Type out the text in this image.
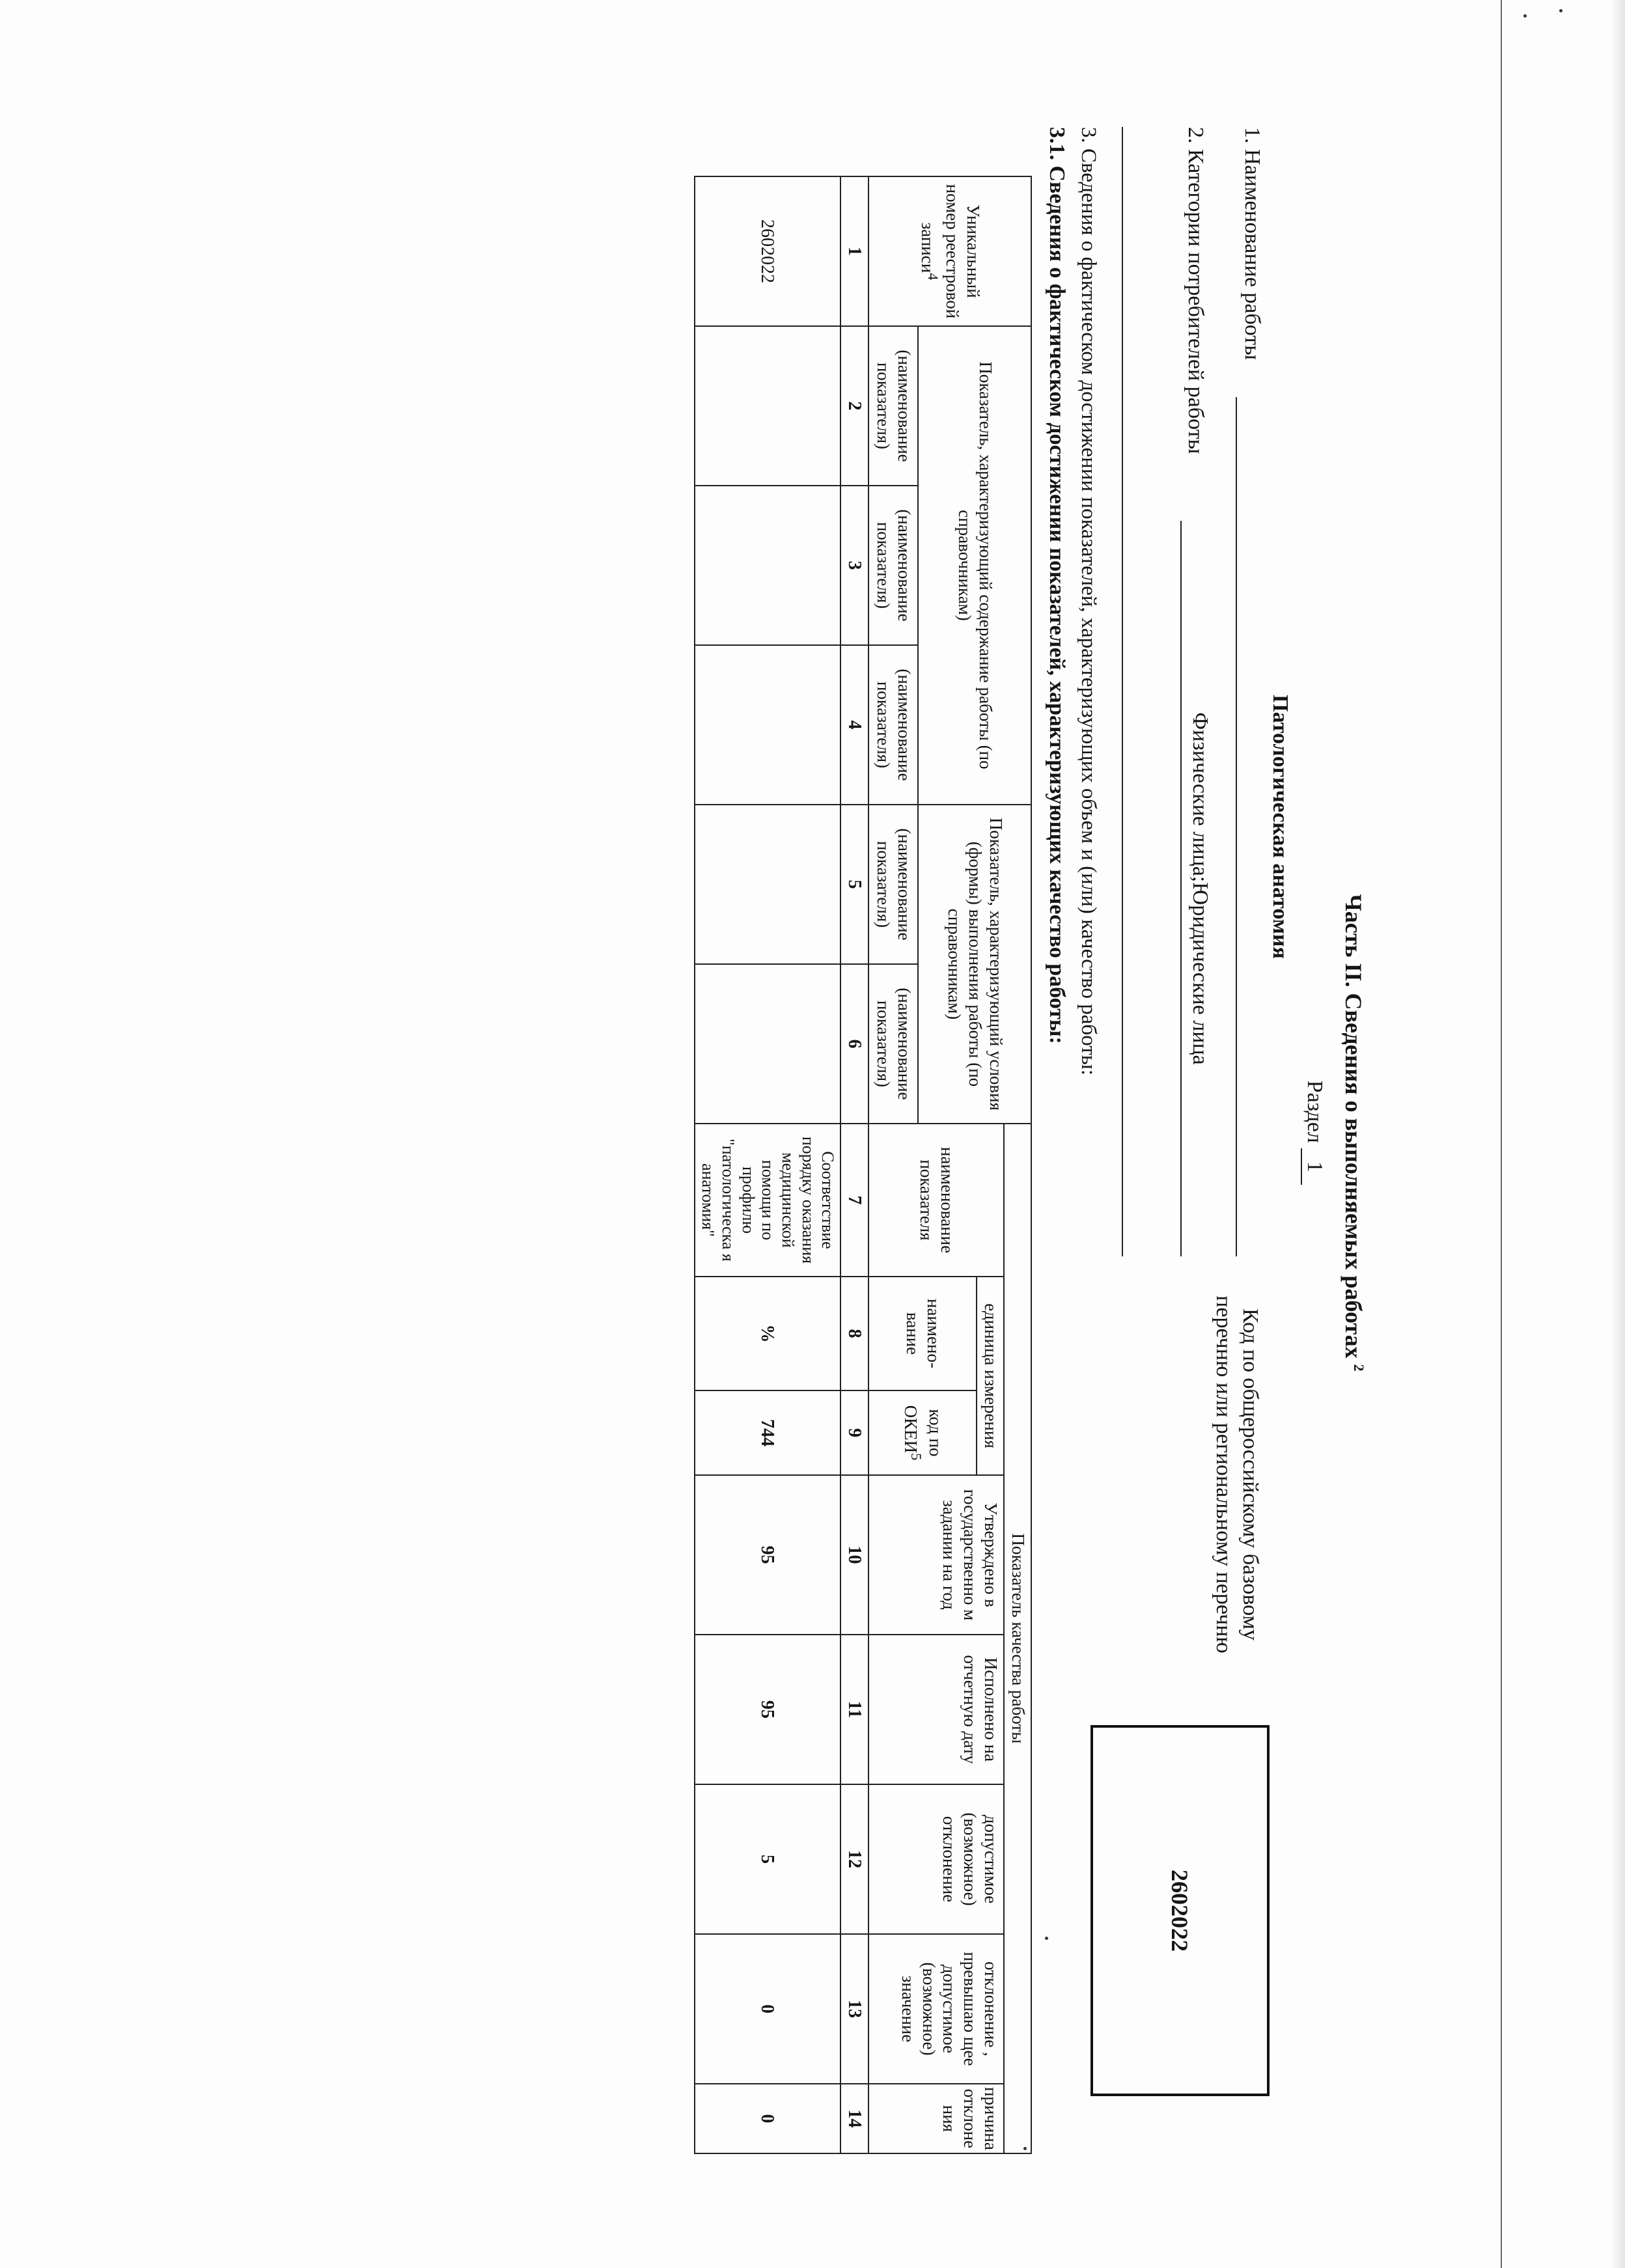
Часть II. Сведения о выполняемых работах $^2$
Раздел 1
1. Наименование работы
Патологическая анатомия
2. Категории потребителей работы
Физические лица;Юридические лица
Код по общероссийскому базовому перечню или региональному перечню
2602022
3. Сведения о фактическом достижении показателей, характеризующих объем и (или) качество работы:
3.1. Сведения о фактическом достижении показателей, характеризующих качество работы:
Уникальный номер реестровой записи$^4$	Показатель, характеризующий содержание работы (по справочникам)			Показатель, характеризующий условия (формы) выполнения работы (по справочникам)		Показатель качества работы							
						наименование показателя	единица измерения		Утверждено в государственно м задании на год	Исполнено на отчетную дату	допустимое (возможное) отклонение	отклонение , превышаю щее допустимое (возможное) значение	причина отклоне ния
							наимено-вание	код по ОКЕИ$^5$
	(наименование показателя)	(наименование показателя)	(наименование показателя)	(наименование показателя)	(наименование показателя)								
1	2	3	4	5	6	7	8	9	10	11	12	13	14
2602022						Соответствие порядку оказания медицинской помощи по профилю "патологическа я анатомия"	%	744	95	95	5	0	0
